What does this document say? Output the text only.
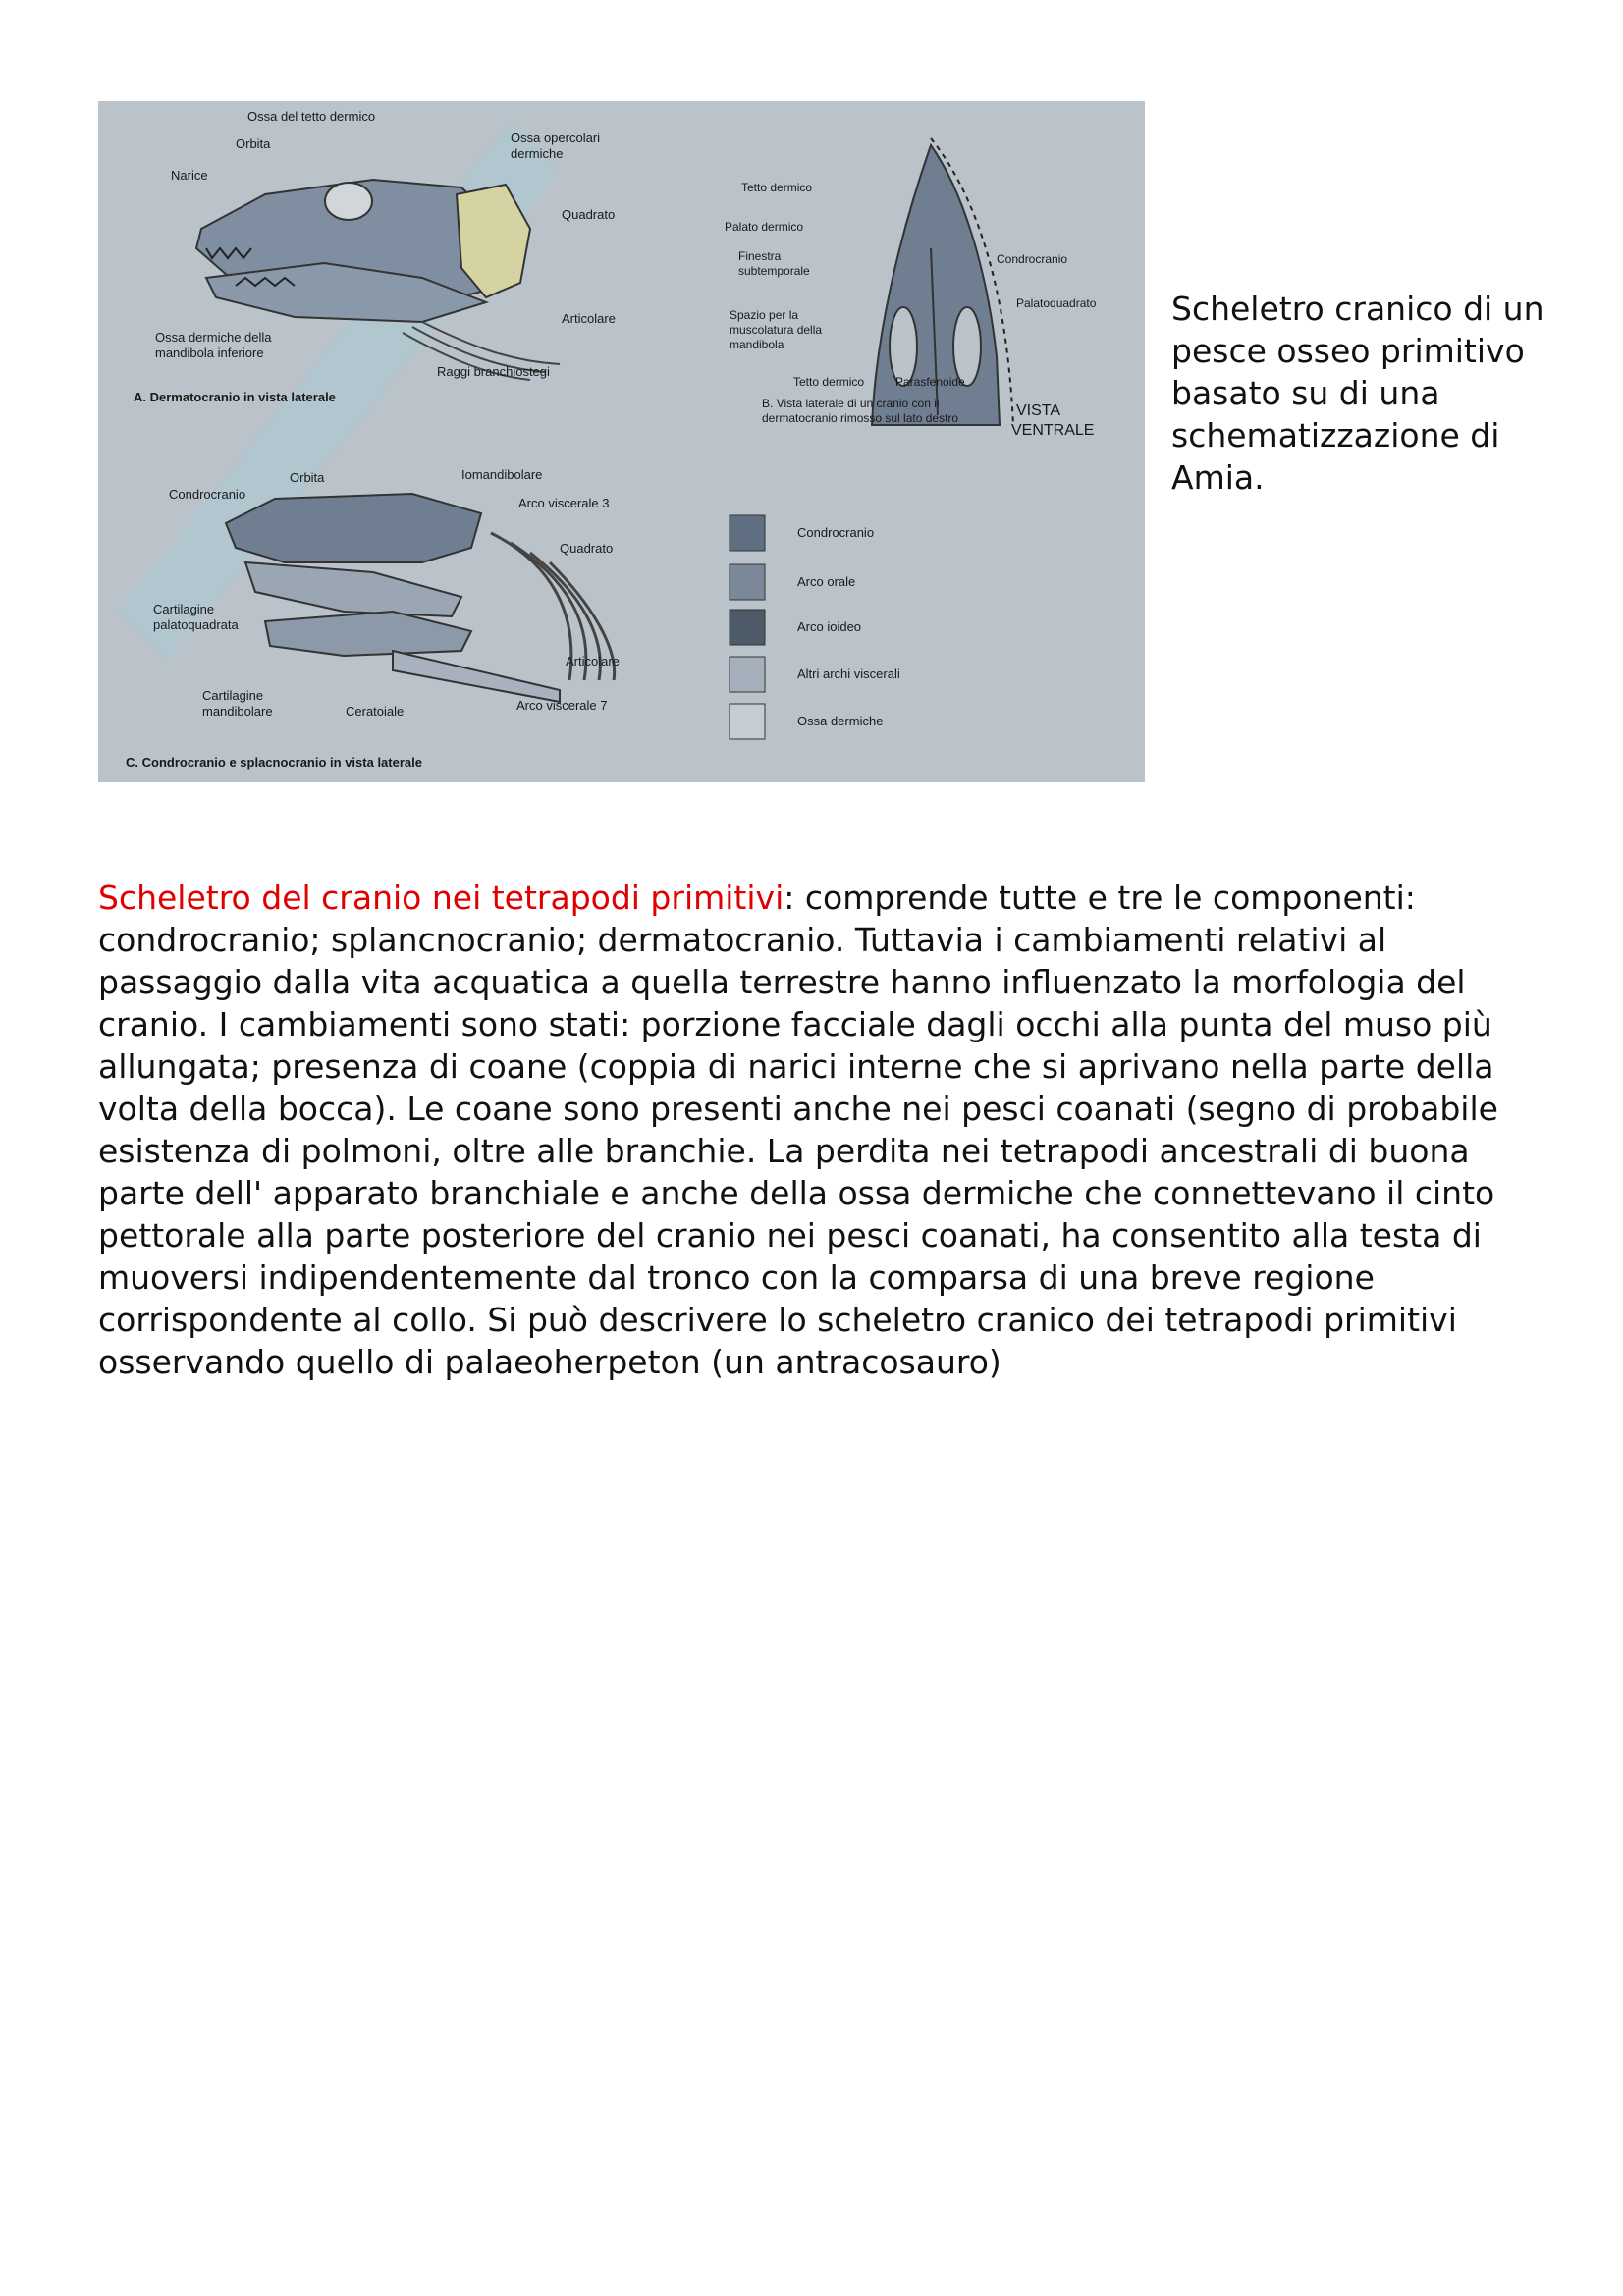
Ossa del tetto dermico
Orbita
Narice
Ossa opercolari
dermiche
Quadrato
Articolare
Ossa dermiche della
mandibola inferiore
Raggi branchiostegi
A. Dermatocranio in vista laterale
Tetto dermico
Palato dermico
Finestra
subtemporale
Spazio per la
muscolatura della
mandibola
Tetto dermico	Parasfenoide
Condrocranio
Palatoquadrato
B. Vista laterale di un cranio con il
dermatocranio rimosso sul lato destro	VISTA
VENTRALE
Condrocranio
Orbita	Iomandibolare
Arco viscerale 3
Quadrato
Cartilagine
palatoquadrata
Articolare
Cartilagine
mandibolare	Ceratoiale	Arco viscerale 7
C. Condrocranio e splacnocranio in vista laterale
Condrocranio
Arco orale
Arco ioideo
Altri archi viscerali
Ossa dermiche

Scheletro cranico di un pesce osseo primitivo basato su di una schematizzazione di Amia.

Scheletro del cranio nei tetrapodi primitivi: comprende tutte e tre le componenti: condrocranio; splancnocranio; dermatocranio. Tuttavia i cambiamenti relativi al passaggio dalla vita acquatica a quella terrestre hanno influenzato la morfologia del cranio. I cambiamenti sono stati: porzione facciale dagli occhi alla punta del muso più allungata; presenza di coane (coppia di narici interne che si aprivano nella parte della volta della bocca). Le coane sono presenti anche nei pesci coanati (segno di probabile esistenza di polmoni, oltre alle branchie. La perdita nei tetrapodi ancestrali di buona parte dell' apparato branchiale e anche della ossa dermiche che connettevano il cinto pettorale alla parte posteriore del cranio nei pesci coanati, ha consentito alla testa di muoversi indipendentemente dal tronco con la comparsa di una breve regione corrispondente al collo. Si può descrivere lo scheletro cranico dei tetrapodi primitivi osservando quello di palaeoherpeton (un antracosauro)
